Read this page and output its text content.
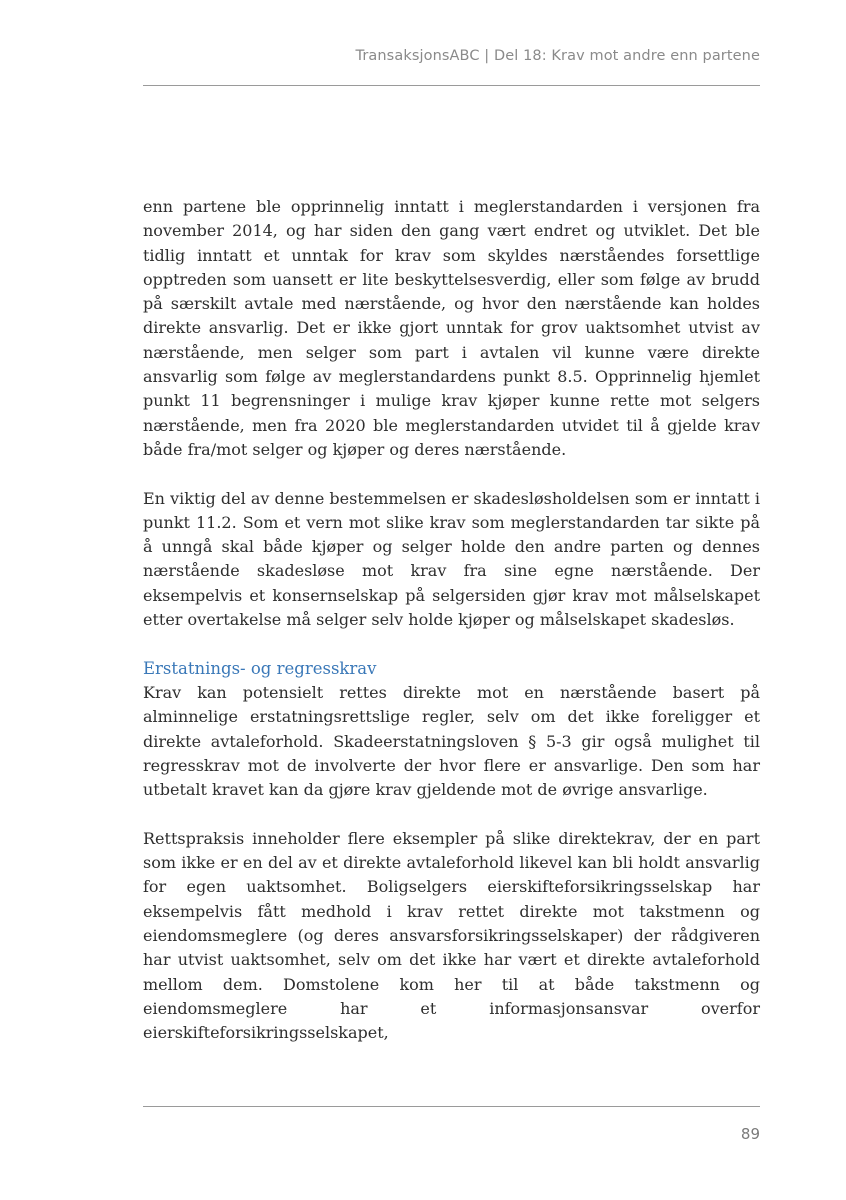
TransaksjonsABC | Del 18: Krav mot andre enn partene

enn partene ble opprinnelig inntatt i meglerstandarden i versjonen fra november 2014, og har siden den gang vært endret og utviklet. Det ble tidlig inntatt et unntak for krav som skyldes nærståendes forsettlige opptreden som uansett er lite beskyttelsesverdig, eller som følge av brudd på særskilt avtale med nærstående, og hvor den nærstående kan holdes direkte ansvarlig. Det er ikke gjort unntak for grov uaktsomhet utvist av nærstående, men selger som part i avtalen vil kunne være direkte ansvarlig som følge av meglerstandardens punkt 8.5. Opprinnelig hjemlet punkt 11 begrensninger i mulige krav kjøper kunne rette mot selgers nærstående, men fra 2020 ble meglerstandarden utvidet til å gjelde krav både fra/mot selger og kjøper og deres nærstående.

En viktig del av denne bestemmelsen er skadesløsholdelsen som er inntatt i punkt 11.2. Som et vern mot slike krav som meglerstandarden tar sikte på å unngå skal både kjøper og selger holde den andre parten og dennes nærstående skadesløse mot krav fra sine egne nærstående. Der eksempelvis et konsernselskap på selgersiden gjør krav mot målselskapet etter overtakelse må selger selv holde kjøper og målselskapet skadesløs.

Erstatnings- og regresskrav

Krav kan potensielt rettes direkte mot en nærstående basert på alminnelige erstatningsrettslige regler, selv om det ikke foreligger et direkte avtaleforhold. Skadeerstatningsloven § 5-3 gir også mulighet til regresskrav mot de involverte der hvor flere er ansvarlige. Den som har utbetalt kravet kan da gjøre krav gjeldende mot de øvrige ansvarlige.

Rettspraksis inneholder flere eksempler på slike direktekrav, der en part som ikke er en del av et direkte avtaleforhold likevel kan bli holdt ansvarlig for egen uaktsomhet. Boligselgers eierskifteforsikringsselskap har eksempelvis fått medhold i krav rettet direkte mot takstmenn og eiendomsmeglere (og deres ansvarsforsikringsselskaper) der rådgiveren har utvist uaktsomhet, selv om det ikke har vært et direkte avtaleforhold mellom dem. Domstolene kom her til at både takstmenn og eiendomsmeglere har et informasjonsansvar overfor eierskifteforsikringsselskapet,

89
